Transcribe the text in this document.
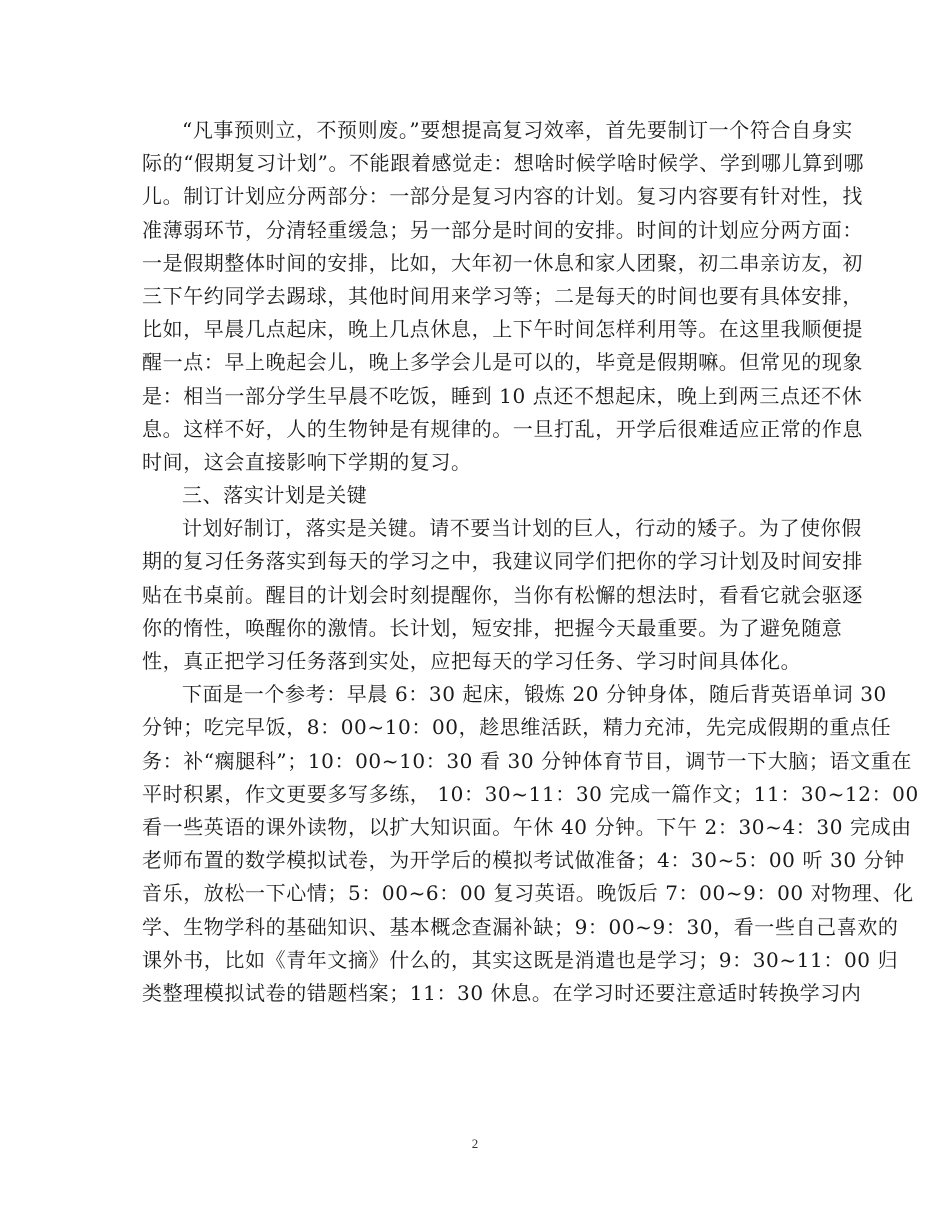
“凡事预则立，不预则废。”要想提高复习效率，首先要制订一个符合自身实
际的“假期复习计划”。不能跟着感觉走：想啥时候学啥时候学、学到哪儿算到哪
儿。制订计划应分两部分：一部分是复习内容的计划。复习内容要有针对性，找
准薄弱环节，分清轻重缓急；另一部分是时间的安排。时间的计划应分两方面：
一是假期整体时间的安排，比如，大年初一休息和家人团聚，初二串亲访友，初
三下午约同学去踢球，其他时间用来学习等；二是每天的时间也要有具体安排，
比如，早晨几点起床，晚上几点休息，上下午时间怎样利用等。在这里我顺便提
醒一点：早上晚起会儿，晚上多学会儿是可以的，毕竟是假期嘛。但常见的现象
是：相当一部分学生早晨不吃饭，睡到 10 点还不想起床，晚上到两三点还不休
息。这样不好，人的生物钟是有规律的。一旦打乱，开学后很难适应正常的作息
时间，这会直接影响下学期的复习。
三、落实计划是关键
计划好制订，落实是关键。请不要当计划的巨人，行动的矮子。为了使你假
期的复习任务落实到每天的学习之中，我建议同学们把你的学习计划及时间安排
贴在书桌前。醒目的计划会时刻提醒你，当你有松懈的想法时，看看它就会驱逐
你的惰性，唤醒你的激情。长计划，短安排，把握今天最重要。为了避免随意
性，真正把学习任务落到实处，应把每天的学习任务、学习时间具体化。
下面是一个参考：早晨 6：30 起床，锻炼 20 分钟身体，随后背英语单词 30
分钟；吃完早饭，8：00~10：00，趁思维活跃，精力充沛，先完成假期的重点任
务：补“瘸腿科”；10：00~10：30 看 30 分钟体育节目，调节一下大脑；语文重在
平时积累，作文更要多写多练， 10：30~11：30 完成一篇作文；11：30~12：00
看一些英语的课外读物，以扩大知识面。午休 40 分钟。下午 2：30~4：30 完成由
老师布置的数学模拟试卷，为开学后的模拟考试做准备；4：30~5：00 听 30 分钟
音乐，放松一下心情；5：00~6：00 复习英语。晚饭后 7：00~9：00 对物理、化
学、生物学科的基础知识、基本概念查漏补缺；9：00~9：30，看一些自己喜欢的
课外书，比如《青年文摘》什么的，其实这既是消遣也是学习；9：30~11：00 归
类整理模拟试卷的错题档案；11：30 休息。在学习时还要注意适时转换学习内
2
